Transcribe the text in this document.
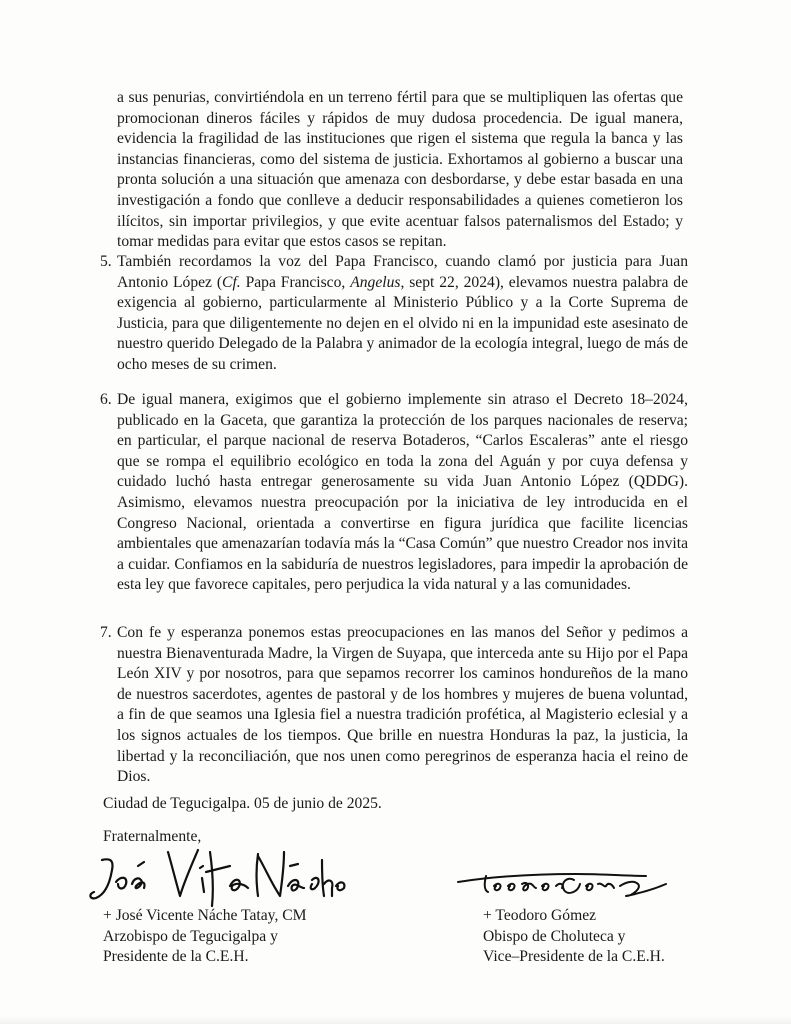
a sus penurias, convirtiéndola en un terreno fértil para que se multipliquen las ofertas que promocionan dineros fáciles y rápidos de muy dudosa procedencia. De igual manera, evidencia la fragilidad de las instituciones que rigen el sistema que regula la banca y las instancias financieras, como del sistema de justicia. Exhortamos al gobierno a buscar una pronta solución a una situación que amenaza con desbordarse, y debe estar basada en una investigación a fondo que conlleve a deducir responsabilidades a quienes cometieron los ilícitos, sin importar privilegios, y que evite acentuar falsos paternalismos del Estado; y tomar medidas para evitar que estos casos se repitan.

5. También recordamos la voz del Papa Francisco, cuando clamó por justicia para Juan Antonio López (Cf. Papa Francisco, Angelus, sept 22, 2024), elevamos nuestra palabra de exigencia al gobierno, particularmente al Ministerio Público y a la Corte Suprema de Justicia, para que diligentemente no dejen en el olvido ni en la impunidad este asesinato de nuestro querido Delegado de la Palabra y animador de la ecología integral, luego de más de ocho meses de su crimen.
6. De igual manera, exigimos que el gobierno implemente sin atraso el Decreto 18–2024, publicado en la Gaceta, que garantiza la protección de los parques nacionales de reserva; en particular, el parque nacional de reserva Botaderos, “Carlos Escaleras” ante el riesgo que se rompa el equilibrio ecológico en toda la zona del Aguán y por cuya defensa y cuidado luchó hasta entregar generosamente su vida Juan Antonio López (QDDG). Asimismo, elevamos nuestra preocupación por la iniciativa de ley introducida en el Congreso Nacional, orientada a convertirse en figura jurídica que facilite licencias ambientales que amenazarían todavía más la “Casa Común” que nuestro Creador nos invita a cuidar. Confiamos en la sabiduría de nuestros legisladores, para impedir la aprobación de esta ley que favorece capitales, pero perjudica la vida natural y a las comunidades.
7. Con fe y esperanza ponemos estas preocupaciones en las manos del Señor y pedimos a nuestra Bienaventurada Madre, la Virgen de Suyapa, que interceda ante su Hijo por el Papa León XIV y por nosotros, para que sepamos recorrer los caminos hondureños de la mano de nuestros sacerdotes, agentes de pastoral y de los hombres y mujeres de buena voluntad, a fin de que seamos una Iglesia fiel a nuestra tradición profética, al Magisterio eclesial y a los signos actuales de los tiempos. Que brille en nuestra Honduras la paz, la justicia, la libertad y la reconciliación, que nos unen como peregrinos de esperanza hacia el reino de Dios.
Ciudad de Tegucigalpa. 05 de junio de 2025.
Fraternalmente,
+ José Vicente Náche Tatay, CM
Arzobispo de Tegucigalpa y
Presidente de la C.E.H.
+ Teodoro Gómez
Obispo de Choluteca y
Vice–Presidente de la C.E.H.
